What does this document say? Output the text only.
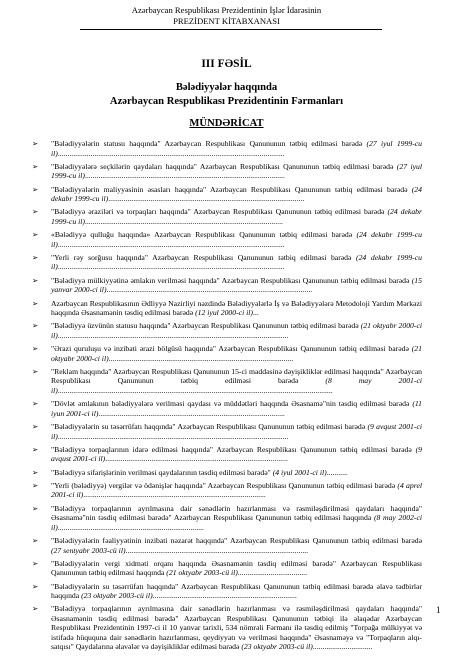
Azərbaycan Respublikası Prezidentinin İşlər İdarəsinin
PREZİDENT KİTABXANASI
III FƏSİL
Bələdiyyələr haqqında
Azərbaycan Respublikası Prezidentinin Fərmanları
MÜNDƏRİCAT
➢ "Bələdiyyələrin statusu haqqında" Azərbaycan Respublikası Qanununun tətbiq edilməsi barədə (27 iyul 1999-cu il)......................................................................................................................
➢ "Bələdiyyələrə seçkilərin qaydaları haqqında" Azərbaycan Respublikası Qanununun tətbiq edilməsi barədə (27 iyul 1999-cu il)........................................................................................................
➢ "Bələdiyyələrin maliyyəsinin əsasları haqqında" Azərbaycan Respublikası Qanununun tətbiq edilməsi barədə (24 dekabr 1999-cu il)......................................................................................................
➢ "Bələdiyyə əraziləri və torpaqları haqqında" Azərbaycan Respublikası Qanununun tətbiq edilməsi barədə (24 dekabr 1999-cu il).......................................................................................................
➢ «Bələdiyyə qulluğu haqqında» Azərbaycan Respublikası Qanununun tətbiq edilməsi barədə (24 dekabr 1999-cu il)......................................................................................................................
➢ "Yerli rəy sorğusu haqqında" Azərbaycan Respublikası Qanununun tətbiq edilməsi barədə (24 dekabr 1999-cu il)......................................................................................................................
➢ "Bələdiyyə mülkiyyətinə əmlakın verilməsi haqqında" Azərbaycan Respublikası Qanununun tətbiq edilməsi barədə (15 yanvar 2000-ci il)...........................................................................................................
➢ Azərbaycan Respublikasının Ədliyyə Nazirliyi nəzdində Bələdiyyələrlə İş və Bələdiyyələrə Metodoloji Yardım Mərkəzi haqqında Əsasnamənin təsdiq edilməsi barədə (12 iyul 2000-ci il)...
➢ "Bələdiyyə üzvünün statusu haqqında" Azərbaycan Respublikası Qanununun tətbiq edilməsi barədə (21 oktyabr 2000-ci il)........................................................................................................................
➢ "Ərazi quruluşu və inzibati ərazi bölgüsü haqqında" Azərbaycan Respublikası Qanununun tətbiq edilməsi barədə (21 oktyabr 2000-ci il)................................................................................................
➢ "Reklam haqqında" Azərbaycan Respublikası Qanununun 15-ci maddəsinə dəyişikliklər edilməsi haqqında" Azərbaycan Respublikası Qanununun tətbiq edilməsi barədə (8 may 2001-ci il)...............................................................................................................................................
➢ "Dövlət əmlakının bələdiyyələrə verilməsi qaydası və müddətləri haqqında Əsasnamə"nin təsdiq edilməsi barədə (11 iyun 2001-ci il).................................................................................................
➢ "Bələdiyyələrin su təsərrüfatı haqqında" Azərbaycan Respublikası Qanununun tətbiq edilməsi barədə (9 avqust 2001-ci il)........................................................................................................................
➢ "Bələdiyyə torpaqlarının idarə edilməsi haqqında" Azərbaycan Respublikası Qanununun tətbiq edilməsi barədə (9 avqust 2001-ci il)...............................................................................................
➢ "Bələdiyyə sifarişlərinin verilməsi qaydalarının təsdiq edilməsi barədə" (4 iyul 2001-ci il)...........
➢ "Yerli (bələdiyyə) vergilər və ödənişlər haqqında" Azərbaycan Respublikası Qanununun tətbiq edilməsi barədə (4 aprel 2001-ci il)...............................................................................................
➢ "Bələdiyyə torpaqlarının ayrılmasına dair sənədlərin hazırlanması və rəsmiləşdirilməsi qaydaları haqqında" Əsasnamə"nin təsdiq edilməsi barədə" Azərbaycan Respublikası Qanununun tətbiq edilməsi haqqında (8 may 2002-ci il)............................................................................
➢ "Bələdiyyələrin fəaliyyətinin inzibati nəzarət haqqında" Azərbaycan Respublikası Qanununun tətbiq edilməsi barədə (27 sentyabr 2003-cü il)...............................................................................................
➢ "Bələdiyyələrin vergi xidməti orqanı haqqında Əsasnamənin təsdiq edilməsi barədə" Azərbaycan Respublikası Qanununun tətbiq edilməsi haqqında (21 oktyabr 2003-cü il)....................................
➢ "Bələdiyyələrin su təsərrüfatı haqqında" Azərbaycan Respublikası Qanununun tətbiq edilməsi barədə əlavə tədbirlər haqqında (23 oktyabr 2003-cü il)...........................................................................
➢ "Bələdiyyə torpaqlarının ayrılmasına dair sənədlərin hazırlanması və rəsmiləşdirilməsi qaydaları haqqında" Əsasnamənin təsdiq edilməsi barədə" Azərbaycan Respublikası Qanununun tətbiqi ilə əlaqədar Azərbaycan Respublikası Prezidentinin 1997-ci il 10 yanvar tarixli, 534 nömrəli Fərmanı ilə təsdiq edilmiş "Torpağa mülkiyyət və istifadə hüququna dair sənədlərin hazırlanması, qeydiyyatı və verilməsi haqqında" Əsasnaməyə və "Torpaqların alqı-satqısı" Qaydalarına əlavələr və dəyişikliklər edilməsi barədə (23 oktyabr 2003-cü il)...............................
1
